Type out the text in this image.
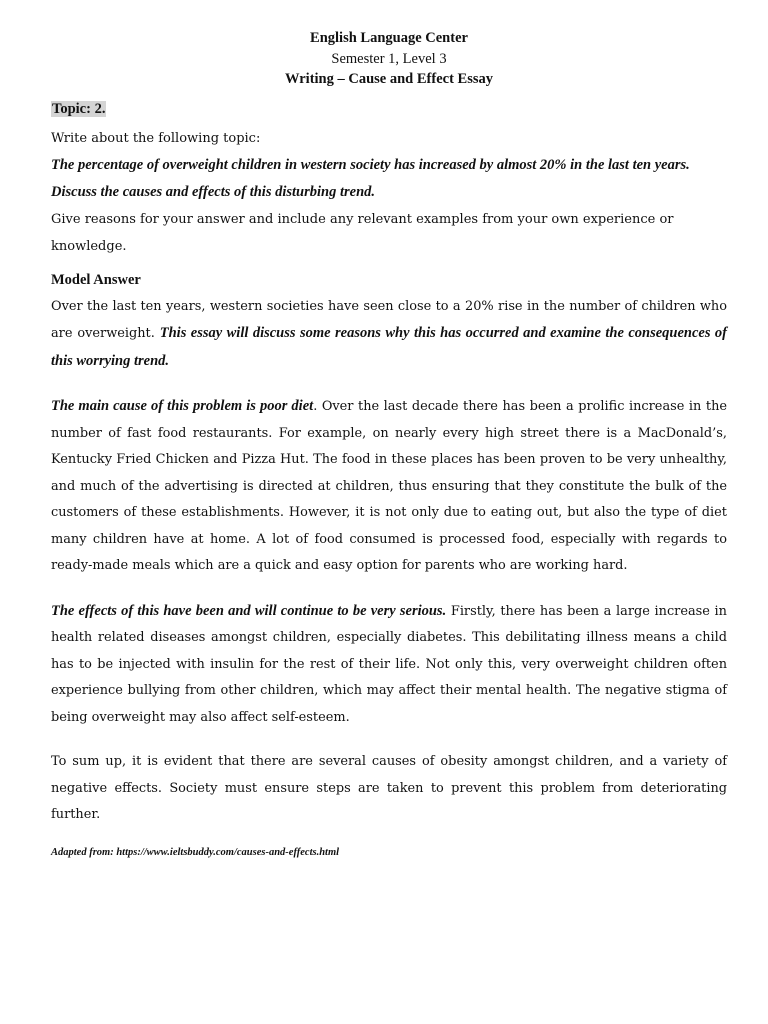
English Language Center
Semester 1, Level 3
Writing – Cause and Effect Essay
Topic: 2.
Write about the following topic:
The percentage of overweight children in western society has increased by almost 20% in the last ten years.
Discuss the causes and effects of this disturbing trend.
Give reasons for your answer and include any relevant examples from your own experience or knowledge.
Model Answer

Over the last ten years, western societies have seen close to a 20% rise in the number of children who are overweight. This essay will discuss some reasons why this has occurred and examine the consequences of this worrying trend.

The main cause of this problem is poor diet. Over the last decade there has been a prolific increase in the number of fast food restaurants. For example, on nearly every high street there is a MacDonald’s, Kentucky Fried Chicken and Pizza Hut. The food in these places has been proven to be very unhealthy, and much of the advertising is directed at children, thus ensuring that they constitute the bulk of the customers of these establishments. However, it is not only due to eating out, but also the type of diet many children have at home. A lot of food consumed is processed food, especially with regards to ready-made meals which are a quick and easy option for parents who are working hard.

The effects of this have been and will continue to be very serious. Firstly, there has been a large increase in health related diseases amongst children, especially diabetes. This debilitating illness means a child has to be injected with insulin for the rest of their life. Not only this, very overweight children often experience bullying from other children, which may affect their mental health. The negative stigma of being overweight may also affect self-esteem.

To sum up, it is evident that there are several causes of obesity amongst children, and a variety of negative effects. Society must ensure steps are taken to prevent this problem from deteriorating further.

Adapted from: https://www.ieltsbuddy.com/causes-and-effects.html
